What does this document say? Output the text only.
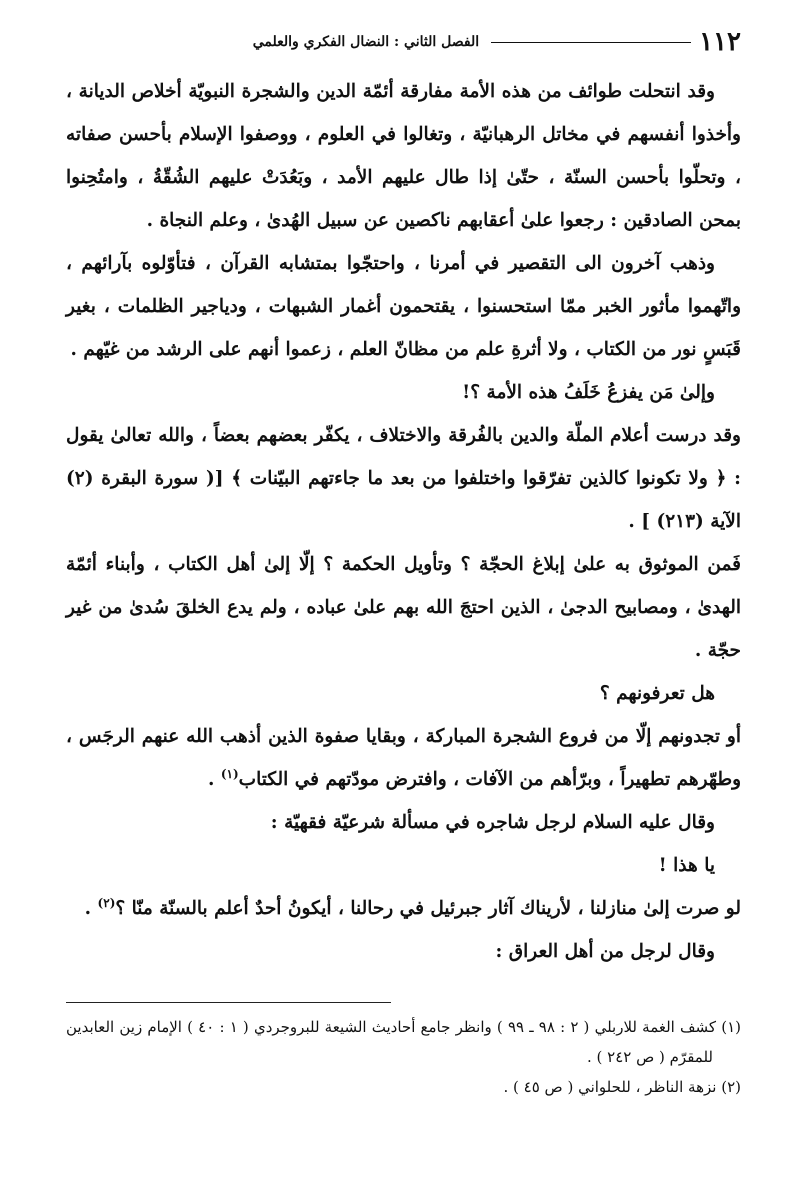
١١٢
الفصل الثاني : النضال الفكري والعلمي

وقد انتحلت طوائف من هذه الأمة مفارقة أئمّة الدين والشجرة النبويّة أخلاص الديانة ، وأخذوا أنفسهم في مخاتل الرهبانيّة ، وتغالوا في العلوم ، ووصفوا الإسلام بأحسن صفاته ، وتحلّوا بأحسن السنّة ، حتّىٰ إذا طال عليهم الأمد ، وبَعُدَتْ عليهم الشُقّةُ ، وامتُحِنوا بمحن الصادقين : رجعوا علىٰ أعقابهم ناكصين عن سبيل الهُدىٰ ، وعلم النجاة .

وذهب آخرون الى التقصير في أمرنا ، واحتجّوا بمتشابه القرآن ، فتأوّلوه بآرائهم ، واتّهموا مأثور الخبر ممّا استحسنوا ، يقتحمون أغمار الشبهات ، ودياجير الظلمات ، بغير قَبَسٍ نور من الكتاب ، ولا أثرةِ علم من مظانّ العلم ، زعموا أنهم على الرشد من غيّهم .

وإلىٰ مَن يفزعُ خَلَفُ هذه الأمة ؟!

وقد درست أعلام الملّة والدين بالفُرقة والاختلاف ، يكفّر بعضهم بعضاً ، والله تعالىٰ يقول : ﴿ ولا تكونوا كالذين تفرّقوا واختلفوا من بعد ما جاءتهم البيّنات ﴾ [( سورة البقرة (٢) الآية (٢١٣) ] .

فَمن الموثوق به علىٰ إبلاغ الحجّة ؟ وتأويل الحكمة ؟ إلّا إلىٰ أهل الكتاب ، وأبناء أئمّة الهدىٰ ، ومصابيح الدجىٰ ، الذين احتجَ الله بهم علىٰ عباده ، ولم يدع الخلقَ سُدىٰ من غير حجّة .

هل تعرفونهم ؟

أو تجدونهم إلّا من فروع الشجرة المباركة ، وبقايا صفوة الذين أذهب الله عنهم الرجَس ، وطهّرهم تطهيراً ، وبرّأهم من الآفات ، وافترض مودّتهم في الكتاب$^{(١)}$ .

وقال عليه السلام لرجل شاجره في مسألة شرعيّة فقهيّة :

يا هذا !

لو صرت إلىٰ منازلنا ، لأريناك آثار جبرئيل في رحالنا ، أيكونُ أحدٌ أعلم بالسنّة منّا ؟$^{(٢)}$ .

وقال لرجل من أهل العراق :

(١) كشف الغمة للاربلي ( ٢ : ٩٨ ـ ٩٩ ) وانظر جامع أحاديث الشيعة للبروجردي ( ١ : ٤٠ ) الإمام زين العابدين للمقرّم ( ص ٢٤٢ ) .

(٢) نزهة الناظر ، للحلواني ( ص ٤٥ ) .
